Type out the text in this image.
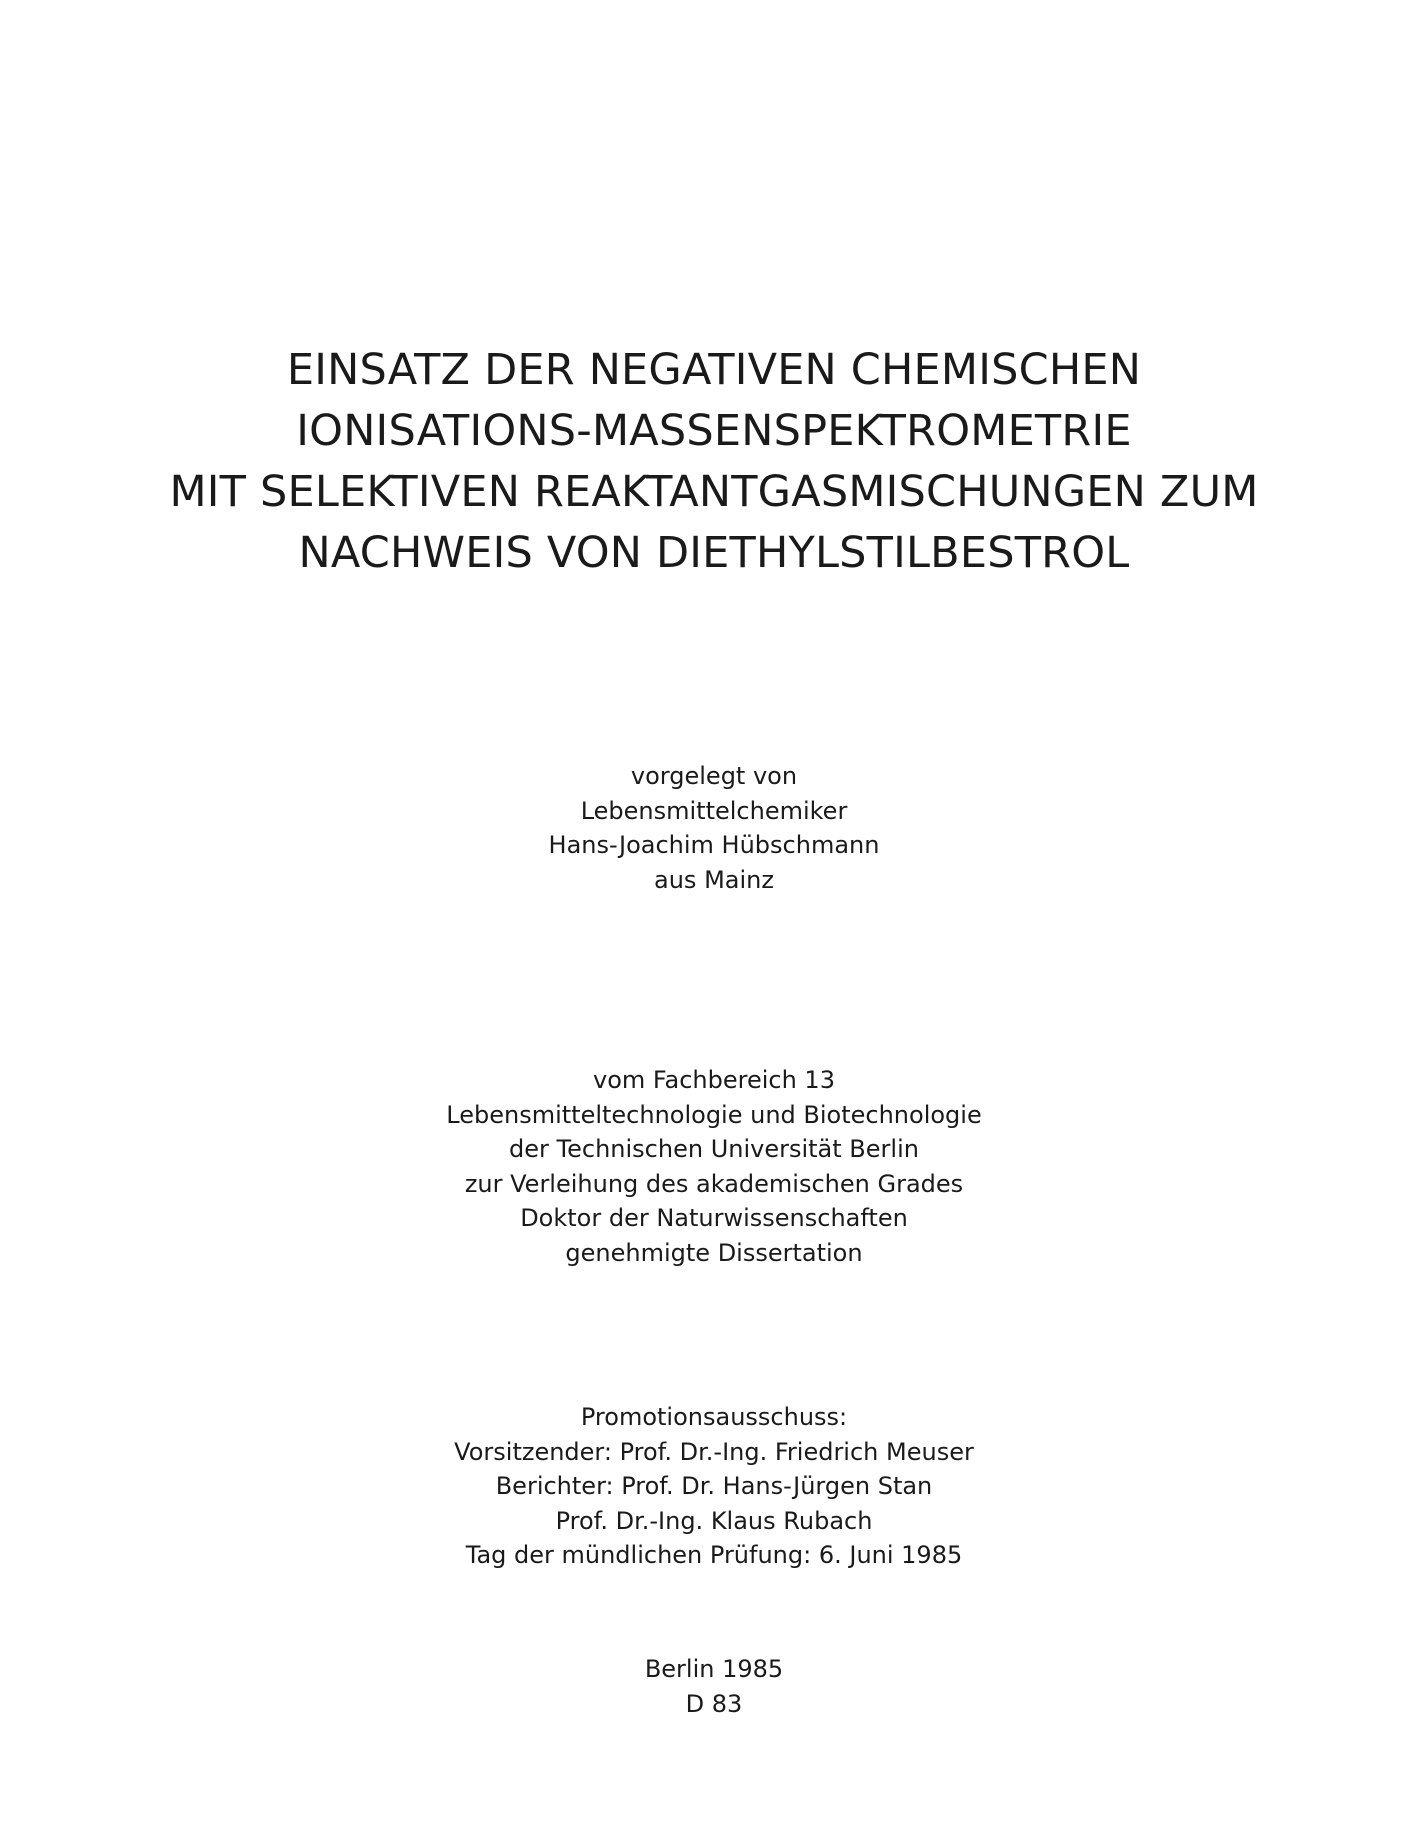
EINSATZ DER NEGATIVEN CHEMISCHEN
IONISATIONS-MASSENSPEKTROMETRIE
MIT SELEKTIVEN REAKTANTGASMISCHUNGEN ZUM
NACHWEIS VON DIETHYLSTILBESTROL
vorgelegt von
Lebensmittelchemiker
Hans-Joachim Hübschmann
aus Mainz
vom Fachbereich 13
Lebensmitteltechnologie und Biotechnologie
der Technischen Universität Berlin
zur Verleihung des akademischen Grades
Doktor der Naturwissenschaften
genehmigte Dissertation
Promotionsausschuss:
Vorsitzender: Prof. Dr.-Ing. Friedrich Meuser
Berichter: Prof. Dr. Hans-Jürgen Stan
Prof. Dr.-Ing. Klaus Rubach
Tag der mündlichen Prüfung: 6. Juni 1985
Berlin 1985
D 83
